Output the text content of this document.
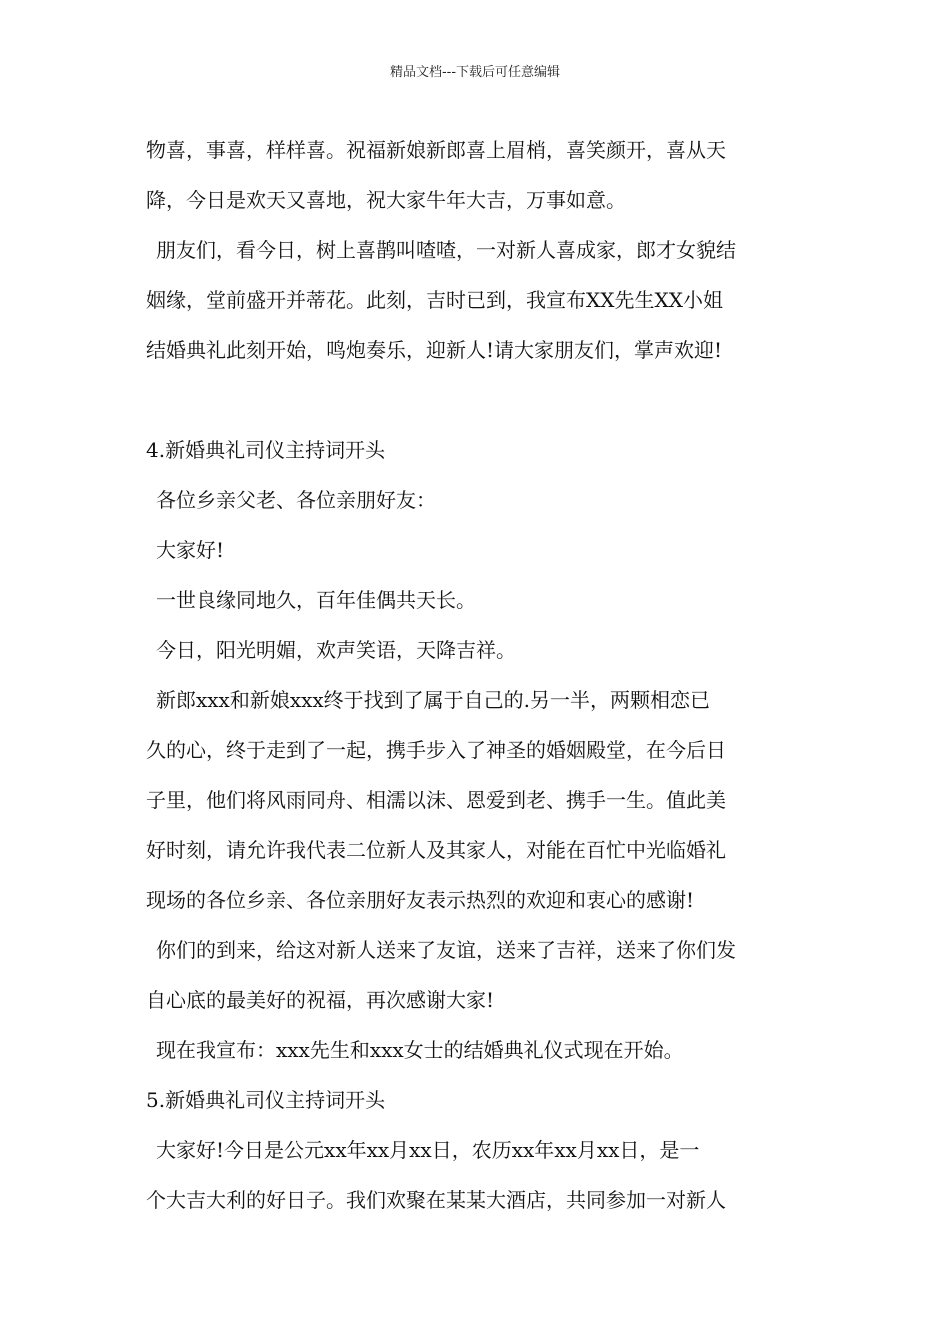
精品文档---下载后可任意编辑
物喜，事喜，样样喜。祝福新娘新郎喜上眉梢，喜笑颜开，喜从天
降，今日是欢天又喜地，祝大家牛年大吉，万事如意。
朋友们，看今日，树上喜鹊叫喳喳，一对新人喜成家，郎才女貌结
姻缘，堂前盛开并蒂花。此刻，吉时已到，我宣布XX先生XX小姐
结婚典礼此刻开始，鸣炮奏乐，迎新人!请大家朋友们，掌声欢迎!
4.新婚典礼司仪主持词开头
各位乡亲父老、各位亲朋好友：
大家好!
一世良缘同地久，百年佳偶共天长。
今日，阳光明媚，欢声笑语，天降吉祥。
新郎xxx和新娘xxx终于找到了属于自己的.另一半，两颗相恋已
久的心，终于走到了一起，携手步入了神圣的婚姻殿堂，在今后日
子里，他们将风雨同舟、相濡以沫、恩爱到老、携手一生。值此美
好时刻，请允许我代表二位新人及其家人，对能在百忙中光临婚礼
现场的各位乡亲、各位亲朋好友表示热烈的欢迎和衷心的感谢!
你们的到来，给这对新人送来了友谊，送来了吉祥，送来了你们发
自心底的最美好的祝福，再次感谢大家!
现在我宣布：xxx先生和xxx女士的结婚典礼仪式现在开始。
5.新婚典礼司仪主持词开头
大家好!今日是公元xx年xx月xx日，农历xx年xx月xx日，是一
个大吉大利的好日子。我们欢聚在某某大酒店，共同参加一对新人
